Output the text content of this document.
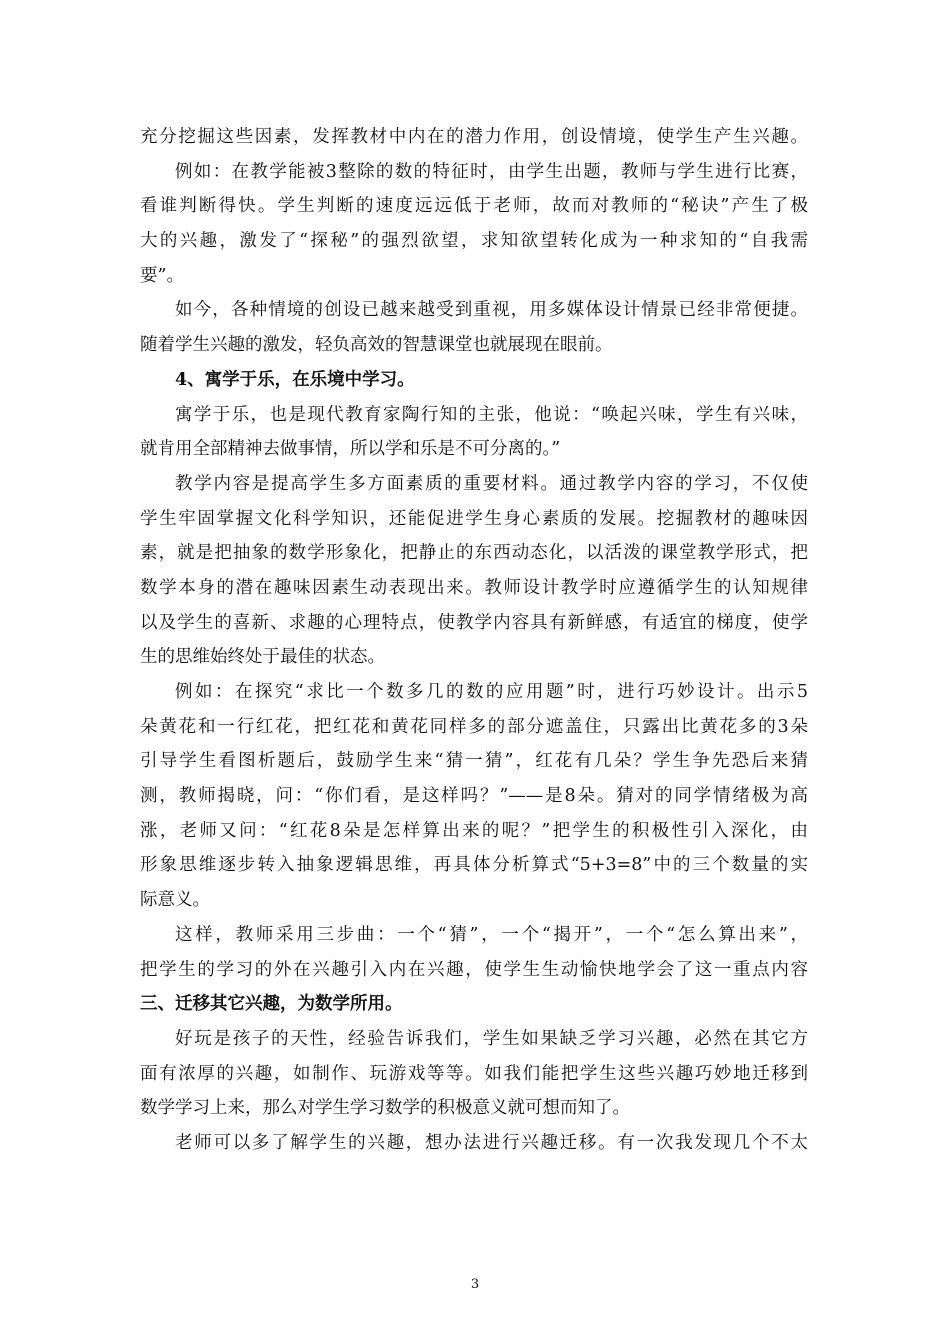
充分挖掘这些因素，发挥教材中内在的潜力作用，创设情境，使学生产生兴趣。
例如：在教学能被3整除的数的特征时，由学生出题，教师与学生进行比赛，
看谁判断得快。学生判断的速度远远低于老师，故而对教师的“秘诀”产生了极
大的兴趣，激发了“探秘”的强烈欲望，求知欲望转化成为一种求知的“自我需
要”。
如今，各种情境的创设已越来越受到重视，用多媒体设计情景已经非常便捷。
随着学生兴趣的激发，轻负高效的智慧课堂也就展现在眼前。
4、寓学于乐，在乐境中学习。
寓学于乐，也是现代教育家陶行知的主张，他说：“唤起兴味，学生有兴味，
就肯用全部精神去做事情，所以学和乐是不可分离的。”
教学内容是提高学生多方面素质的重要材料。通过教学内容的学习，不仅使
学生牢固掌握文化科学知识，还能促进学生身心素质的发展。挖掘教材的趣味因
素，就是把抽象的数学形象化，把静止的东西动态化，以活泼的课堂教学形式，把
数学本身的潜在趣味因素生动表现出来。教师设计教学时应遵循学生的认知规律
以及学生的喜新、求趣的心理特点，使教学内容具有新鲜感，有适宜的梯度，使学
生的思维始终处于最佳的状态。
例如：在探究“求比一个数多几的数的应用题”时，进行巧妙设计。出示5
朵黄花和一行红花，把红花和黄花同样多的部分遮盖住，只露出比黄花多的3朵
引导学生看图析题后，鼓励学生来“猜一猜”，红花有几朵？学生争先恐后来猜
测，教师揭晓，问：“你们看，是这样吗？”——是8朵。猜对的同学情绪极为高
涨，老师又问：“红花8朵是怎样算出来的呢？”把学生的积极性引入深化，由
形象思维逐步转入抽象逻辑思维，再具体分析算式“5+3=8”中的三个数量的实
际意义。
这样，教师采用三步曲：一个“猜”，一个“揭开”，一个“怎么算出来”，
把学生的学习的外在兴趣引入内在兴趣，使学生生动愉快地学会了这一重点内容
三、迁移其它兴趣，为数学所用。
好玩是孩子的天性，经验告诉我们，学生如果缺乏学习兴趣，必然在其它方
面有浓厚的兴趣，如制作、玩游戏等等。如我们能把学生这些兴趣巧妙地迁移到
数学学习上来，那么对学生学习数学的积极意义就可想而知了。
老师可以多了解学生的兴趣，想办法进行兴趣迁移。有一次我发现几个不太
3
